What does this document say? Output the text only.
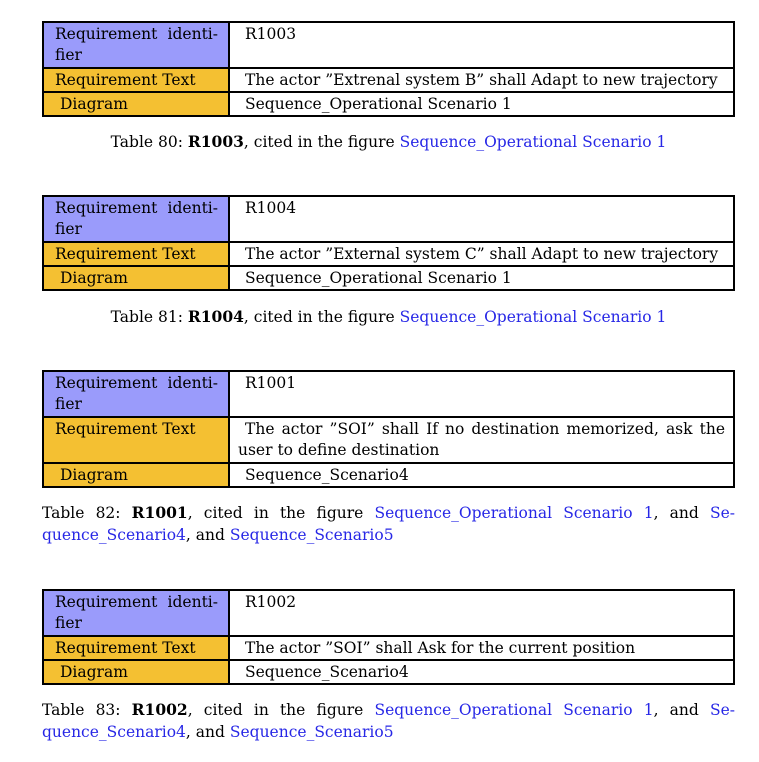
Requirement identi-
fier	R1003

Requirement Text	The actor ”Extrenal system B” shall Adapt to new trajectory

Diagram	Sequence_Operational Scenario 1
Table 80: R1003, cited in the figure Sequence_Operational Scenario 1
Requirement identi-
fier	R1004

Requirement Text	The actor ”External system C” shall Adapt to new trajectory

Diagram	Sequence_Operational Scenario 1
Table 81: R1004, cited in the figure Sequence_Operational Scenario 1
Requirement identi-
fier	R1001

Requirement Text	The actor ”SOI” shall If no destination memorized, ask the
user to define destination

Diagram	Sequence_Scenario4
Table 82: R1001, cited in the figure Sequence_Operational Scenario 1, and Se-
quence_Scenario4, and Sequence_Scenario5
Requirement identi-
fier	R1002

Requirement Text	The actor ”SOI” shall Ask for the current position

Diagram	Sequence_Scenario4
Table 83: R1002, cited in the figure Sequence_Operational Scenario 1, and Se-
quence_Scenario4, and Sequence_Scenario5
